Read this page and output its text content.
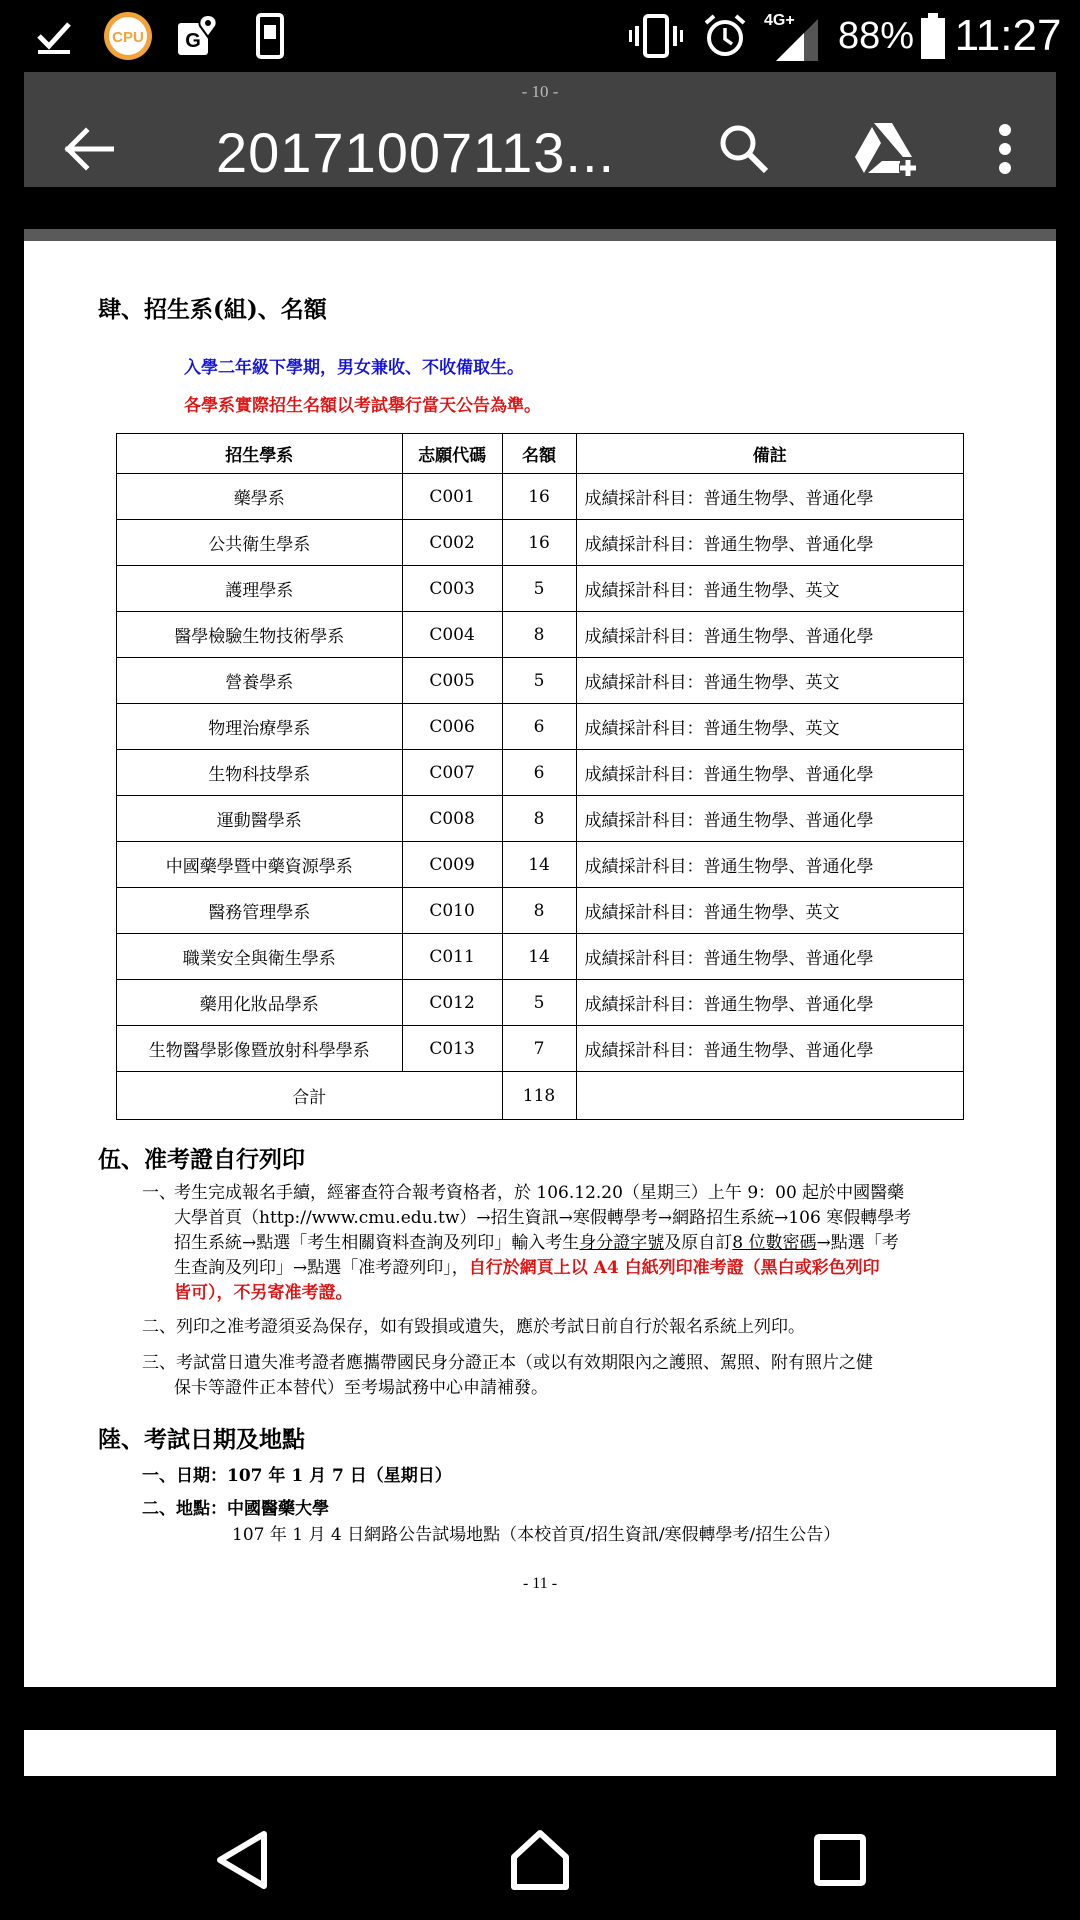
CPU G
4G+ 88% 11:27
- 10 -
20171007113...
肆、招生系(組)、名額
入學二年級下學期，男女兼收、不收備取生。
各學系實際招生名額以考試舉行當天公告為準。
招生學系	志願代碼	名額	備註
藥學系	C001	16	成績採計科目：普通生物學、普通化學
公共衛生學系	C002	16	成績採計科目：普通生物學、普通化學
護理學系	C003	5	成績採計科目：普通生物學、英文
醫學檢驗生物技術學系	C004	8	成績採計科目：普通生物學、普通化學
營養學系	C005	5	成績採計科目：普通生物學、英文
物理治療學系	C006	6	成績採計科目：普通生物學、英文
生物科技學系	C007	6	成績採計科目：普通生物學、普通化學
運動醫學系	C008	8	成績採計科目：普通生物學、普通化學
中國藥學暨中藥資源學系	C009	14	成績採計科目：普通生物學、普通化學
醫務管理學系	C010	8	成績採計科目：普通生物學、英文
職業安全與衛生學系	C011	14	成績採計科目：普通生物學、普通化學
藥用化妝品學系	C012	5	成績採計科目：普通生物學、普通化學
生物醫學影像暨放射科學學系	C013	7	成績採計科目：普通生物學、普通化學
合計		118	
伍、准考證自行列印
一、
考生完成報名手續，經審查符合報考資格者，於 106.12.20（星期三）上午 9：00 起於中國醫藥
大學首頁（http://www.cmu.edu.tw）→招生資訊→寒假轉學考→網路招生系統→106 寒假轉學考
招生系統→點選「考生相關資料查詢及列印」輸入考生身分證字號及原自訂8 位數密碼→點選「考
生查詢及列印」→點選「准考證列印」，自行於網頁上以 A4 白紙列印准考證（黑白或彩色列印
皆可），不另寄准考證。
二、列印之准考證須妥為保存，如有毀損或遺失，應於考試日前自行於報名系統上列印。
三、考試當日遺失准考證者應攜帶國民身分證正本（或以有效期限內之護照、駕照、附有照片之健
保卡等證件正本替代）至考場試務中心申請補發。
陸、考試日期及地點
一、日期：107 年 1 月 7 日（星期日）
二、地點：中國醫藥大學
107 年 1 月 4 日網路公告試場地點（本校首頁/招生資訊/寒假轉學考/招生公告）
- 11 -
